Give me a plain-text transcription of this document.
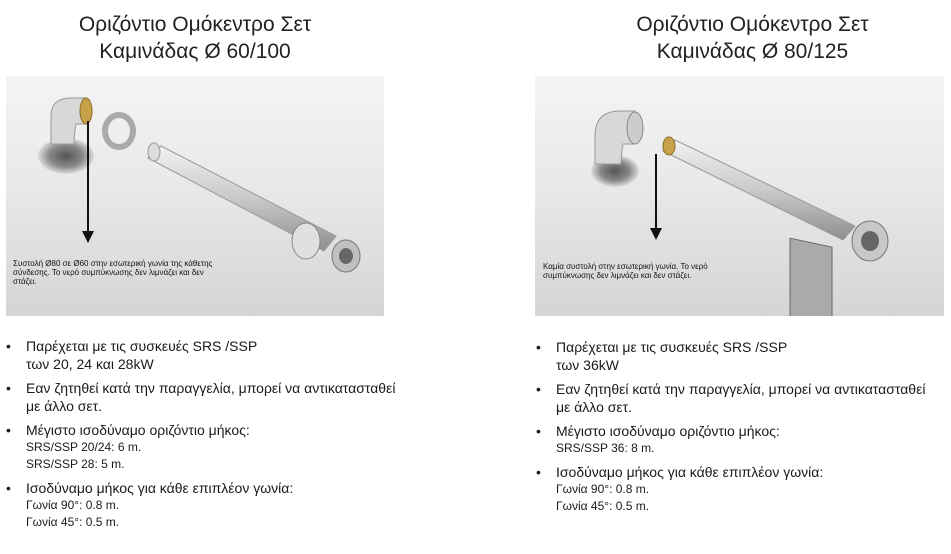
Οριζόντιο Ομόκεντρο Σετ
Καμινάδας Ø 60/100
Συστολή Ø80 σε Ø60 στην εσωτερική γωνία της κάθετης σύνδεσης. Το νερό συμπύκνωσης δεν λιμνάζει και δεν στάζει.
• Παρέχεται με τις συσκευές SRS /SSP
των 20, 24 και 28kW
• Εαν ζητηθεί κατά την παραγγελία, μπορεί να αντικατασταθεί
με άλλο σετ.
• Μέγιστο ισοδύναμο οριζόντιο μήκος:
SRS/SSP 20/24: 6 m.
SRS/SSP 28: 5 m.
• Ισοδύναμο μήκος για κάθε επιπλέον γωνία:
Γωνία 90°: 0.8 m.
Γωνία 45°: 0.5 m.
Οριζόντιο Ομόκεντρο Σετ
Καμινάδας Ø 80/125
Καμία συστολή στην εσωτερική γωνία. Το νερό συμπύκνωσης δεν λιμνάζει και δεν στάζει.
• Παρέχεται με τις συσκευές SRS /SSP
των 36kW
• Εαν ζητηθεί κατά την παραγγελία, μπορεί να αντικατασταθεί
με άλλο σετ.
• Μέγιστο ισοδύναμο οριζόντιο μήκος:
SRS/SSP 36: 8 m.
• Ισοδύναμο μήκος για κάθε επιπλέον γωνία:
Γωνία 90°: 0.8 m.
Γωνία 45°: 0.5 m.
